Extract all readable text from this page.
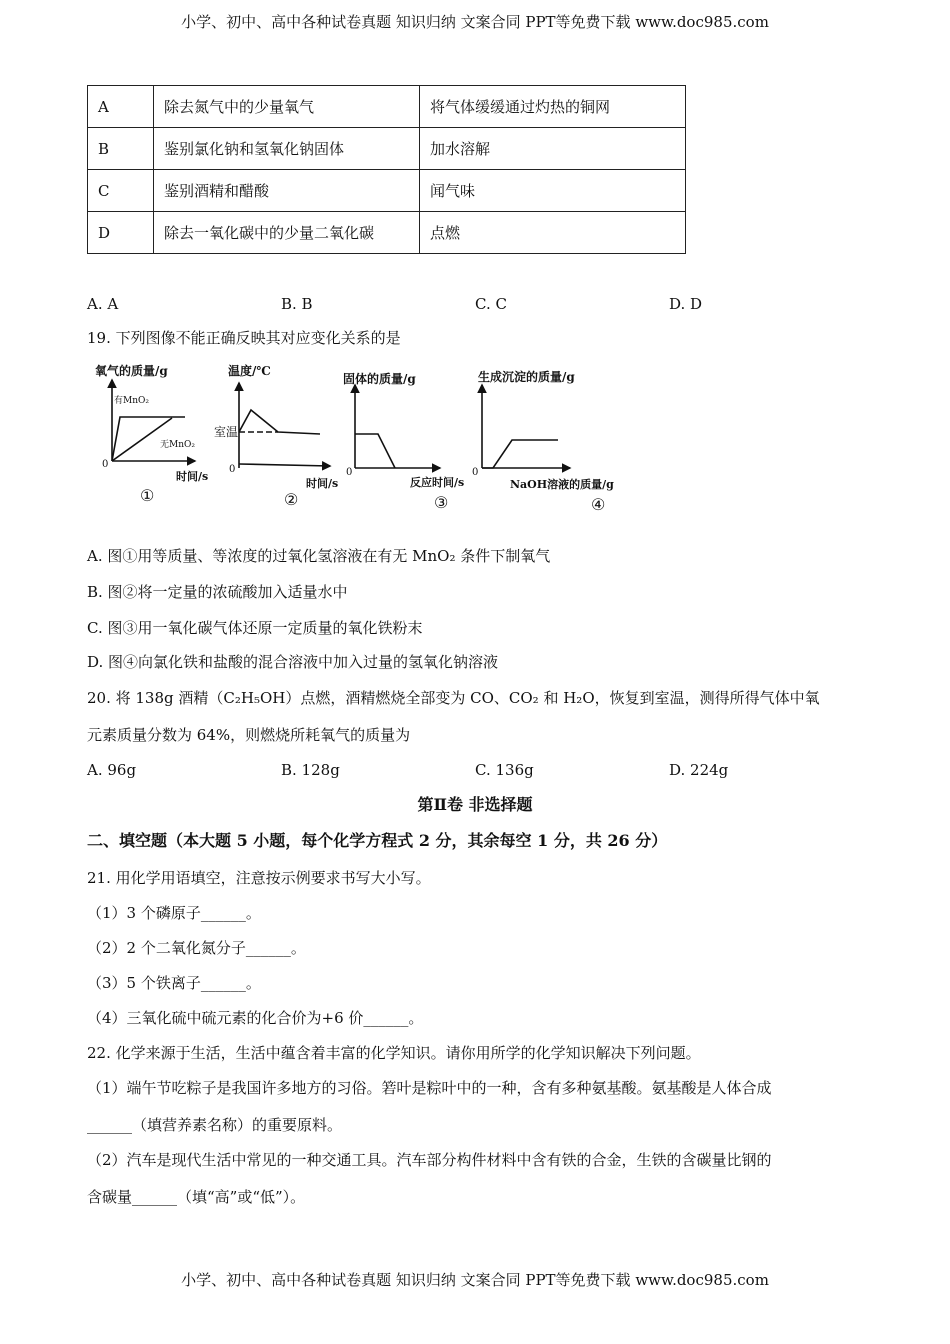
小学、初中、高中各种试卷真题 知识归纳 文案合同 PPT等免费下载 www.doc985.com
A	除去氮气中的少量氧气	将气体缓缓通过灼热的铜网
B	鉴别氯化钠和氢氧化钠固体	加水溶解
C	鉴别酒精和醋酸	闻气味
D	除去一氧化碳中的少量二氧化碳	点燃
A. A	B. B	C. C	D. D
19. 下列图像不能正确反映其对应变化关系的是
氧气的质量/g
有MnO₂
无MnO₂
0
时间/s
①
温度/℃
室温
0
时间/s
②
固体的质量/g
0
反应时间/s
③
生成沉淀的质量/g
0
NaOH溶液的质量/g
④
A. 图①用等质量、等浓度的过氧化氢溶液在有无 MnO₂ 条件下制氧气
B. 图②将一定量的浓硫酸加入适量水中
C. 图③用一氧化碳气体还原一定质量的氧化铁粉末
D. 图④向氯化铁和盐酸的混合溶液中加入过量的氢氧化钠溶液
20. 将 138g 酒精（C₂H₅OH）点燃，酒精燃烧全部变为 CO、CO₂ 和 H₂O，恢复到室温，测得所得气体中氧
元素质量分数为 64%，则燃烧所耗氧气的质量为
A. 96g	B. 128g	C. 136g	D. 224g
第Ⅱ卷 非选择题
二、填空题（本大题 5 小题，每个化学方程式 2 分，其余每空 1 分，共 26 分）
21. 用化学用语填空，注意按示例要求书写大小写。
（1）3 个磷原子______。
（2）2 个二氧化氮分子______。
（3）5 个铁离子______。
（4）三氧化硫中硫元素的化合价为+6 价______。
22. 化学来源于生活，生活中蕴含着丰富的化学知识。请你用所学的化学知识解决下列问题。
（1）端午节吃粽子是我国许多地方的习俗。箬叶是粽叶中的一种，含有多种氨基酸。氨基酸是人体合成
______（填营养素名称）的重要原料。
（2）汽车是现代生活中常见的一种交通工具。汽车部分构件材料中含有铁的合金，生铁的含碳量比钢的
含碳量______（填“高”或“低”）。
小学、初中、高中各种试卷真题 知识归纳 文案合同 PPT等免费下载 www.doc985.com
